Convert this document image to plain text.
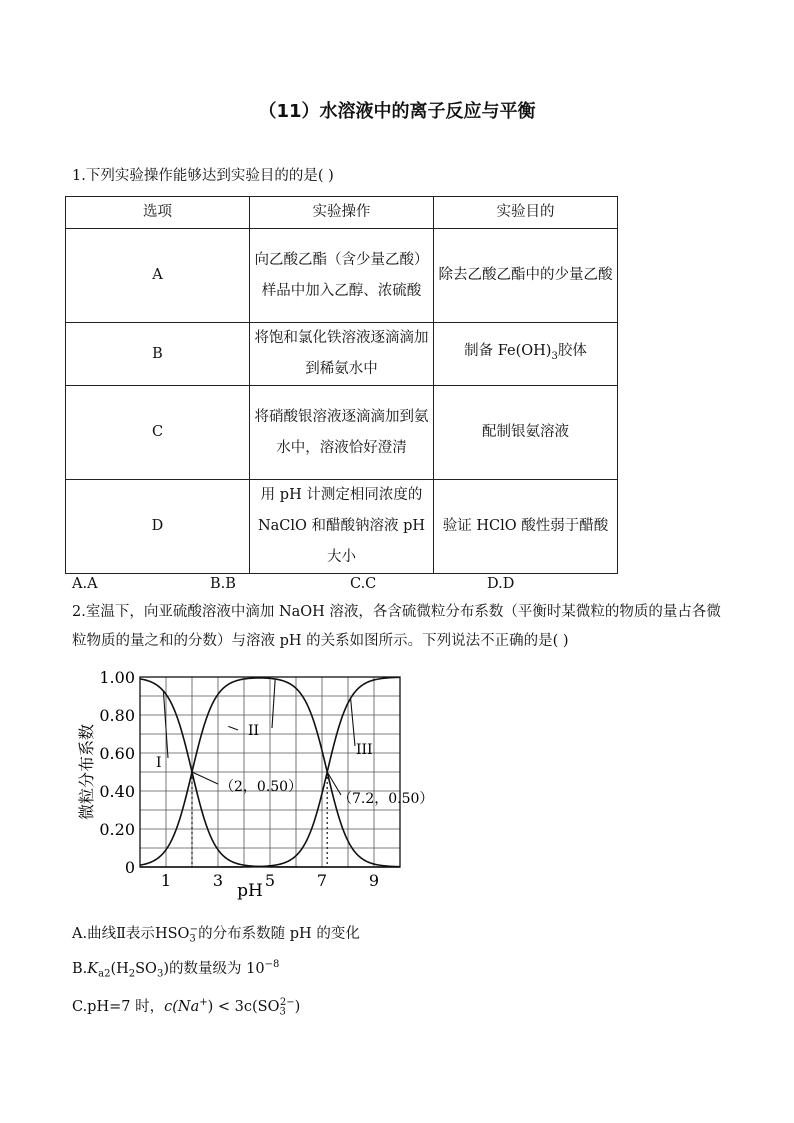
（11）水溶液中的离子反应与平衡
1.下列实验操作能够达到实验目的的是( )
选项	实验操作	实验目的
A	向乙酸乙酯（含少量乙酸）样品中加入乙醇、浓硫酸	除去乙酸乙酯中的少量乙酸
B	将饱和氯化铁溶液逐滴滴加到稀氨水中	制备 $Fe(OH)_3$胶体
C	将硝酸银溶液逐滴滴加到氨水中，溶液恰好澄清	配制银氨溶液
D	用 pH 计测定相同浓度的 NaClO 和醋酸钠溶液 pH 大小	验证 HClO 酸性弱于醋酸
A.A	B.B	C.C	D.D
2.室温下，向亚硫酸溶液中滴加 NaOH 溶液，各含硫微粒分布系数（平衡时某微粒的物质的量占各微粒物质的量之和的分数）与溶液 pH 的关系如图所示。下列说法不正确的是( )
0
0.20
0.40
0.60
0.80
1.00
1	3	5	7	9
微粒分布系数
pH
I
II
III
（2，0.50）
（7.2，0.50）
A.曲线Ⅱ表示$HSO_3^-$的分布系数随 pH 的变化
$B.K_{a2}(H_2SO_3)$的数量级为 $10^{-8}$
C.pH=7 时，$c(Na^+) < 3c(SO_3^{2-})$
